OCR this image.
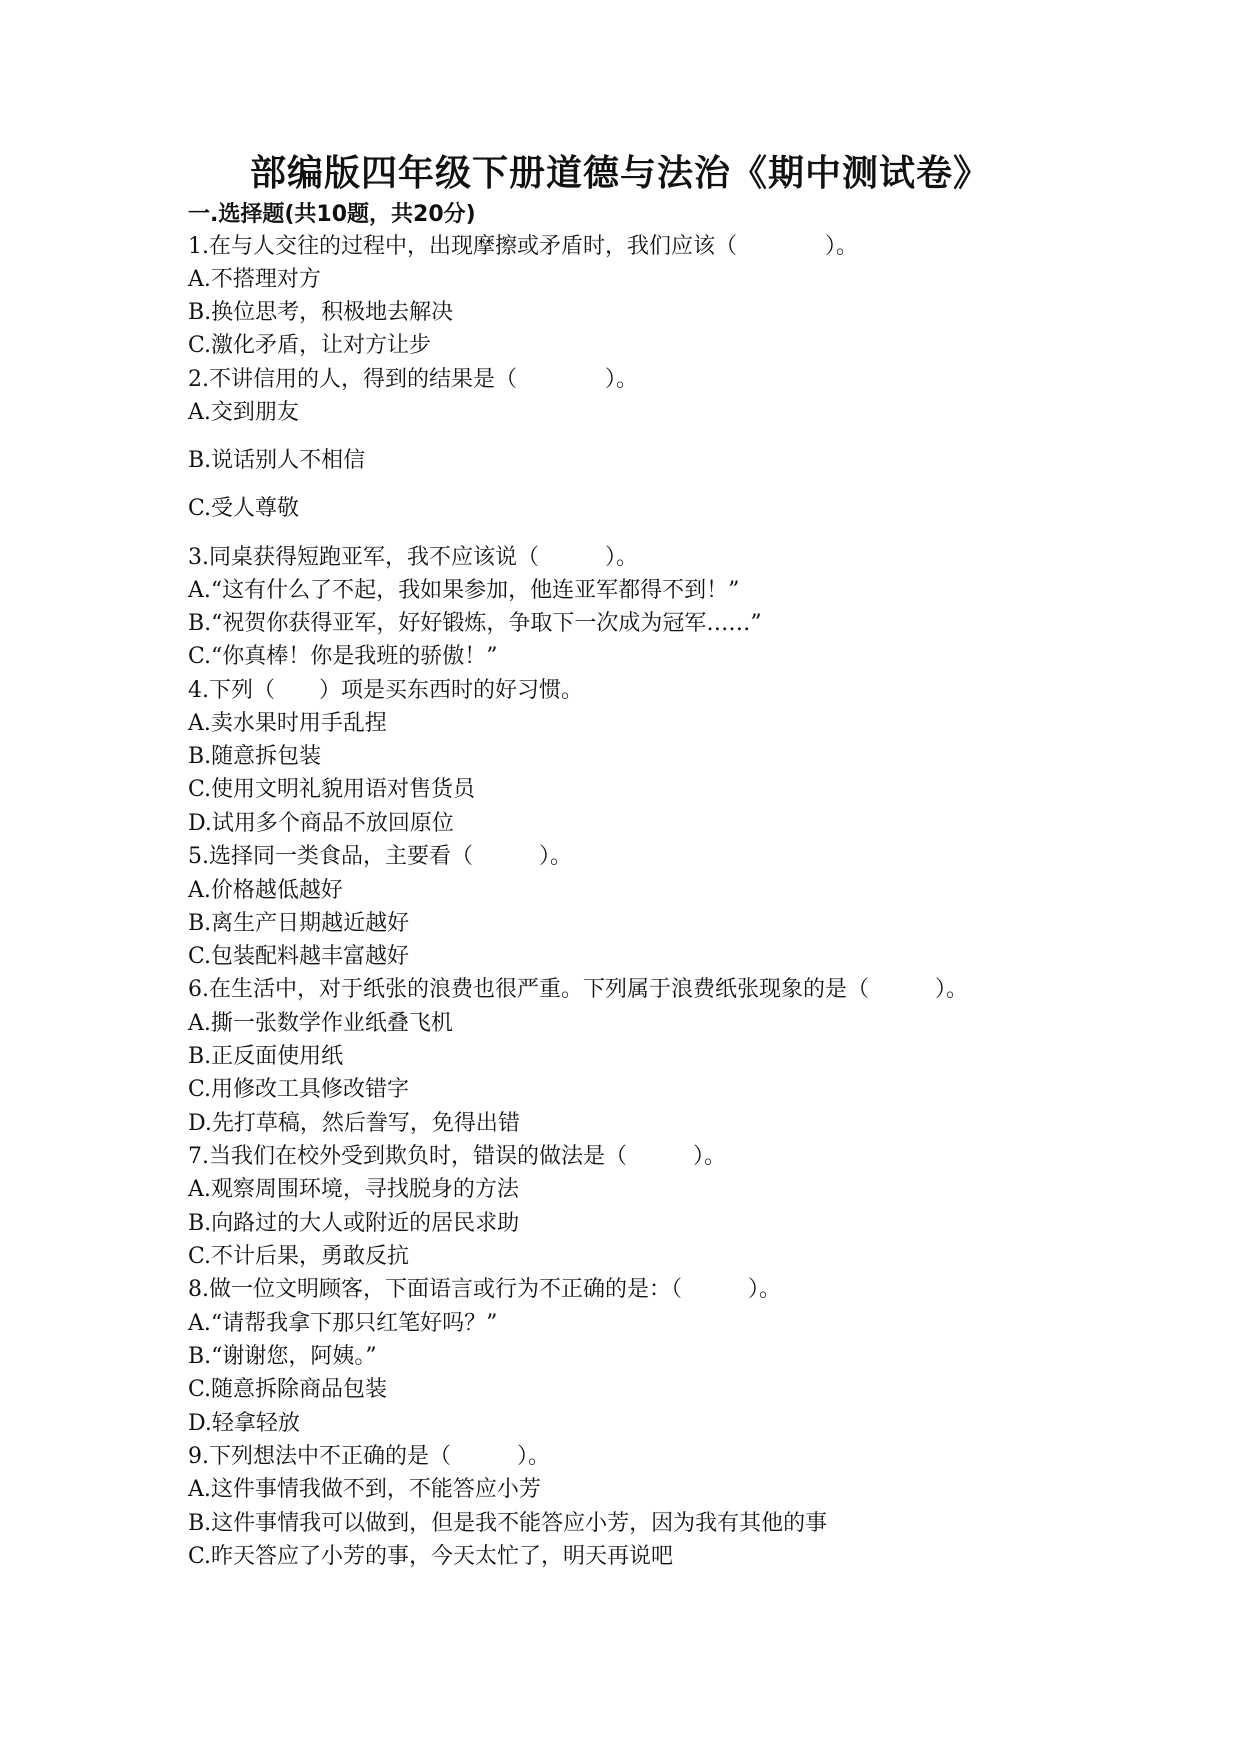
部编版四年级下册道德与法治《期中测试卷》
一.选择题(共10题，共20分)
1.在与人交往的过程中，出现摩擦或矛盾时，我们应该（　　　　）。
A.不搭理对方
B.换位思考，积极地去解决
C.激化矛盾，让对方让步
2.不讲信用的人，得到的结果是（　　　　）。
A.交到朋友
B.说话别人不相信
C.受人尊敬
3.同桌获得短跑亚军，我不应该说（　　　）。
A.“这有什么了不起，我如果参加，他连亚军都得不到！”
B.“祝贺你获得亚军，好好锻炼，争取下一次成为冠军……”
C.“你真棒！你是我班的骄傲！”
4.下列（　　）项是买东西时的好习惯。
A.卖水果时用手乱捏
B.随意拆包装
C.使用文明礼貌用语对售货员
D.试用多个商品不放回原位
5.选择同一类食品，主要看（　　　）。
A.价格越低越好
B.离生产日期越近越好
C.包装配料越丰富越好
6.在生活中，对于纸张的浪费也很严重。下列属于浪费纸张现象的是（　　　）。
A.撕一张数学作业纸叠飞机
B.正反面使用纸
C.用修改工具修改错字
D.先打草稿，然后誊写，免得出错
7.当我们在校外受到欺负时，错误的做法是（　　　）。
A.观察周围环境，寻找脱身的方法
B.向路过的大人或附近的居民求助
C.不计后果，勇敢反抗
8.做一位文明顾客，下面语言或行为不正确的是：（　　　）。
A.“请帮我拿下那只红笔好吗？”
B.“谢谢您，阿姨。”
C.随意拆除商品包装
D.轻拿轻放
9.下列想法中不正确的是（　　　）。
A.这件事情我做不到，不能答应小芳
B.这件事情我可以做到，但是我不能答应小芳，因为我有其他的事
C.昨天答应了小芳的事，今天太忙了，明天再说吧
